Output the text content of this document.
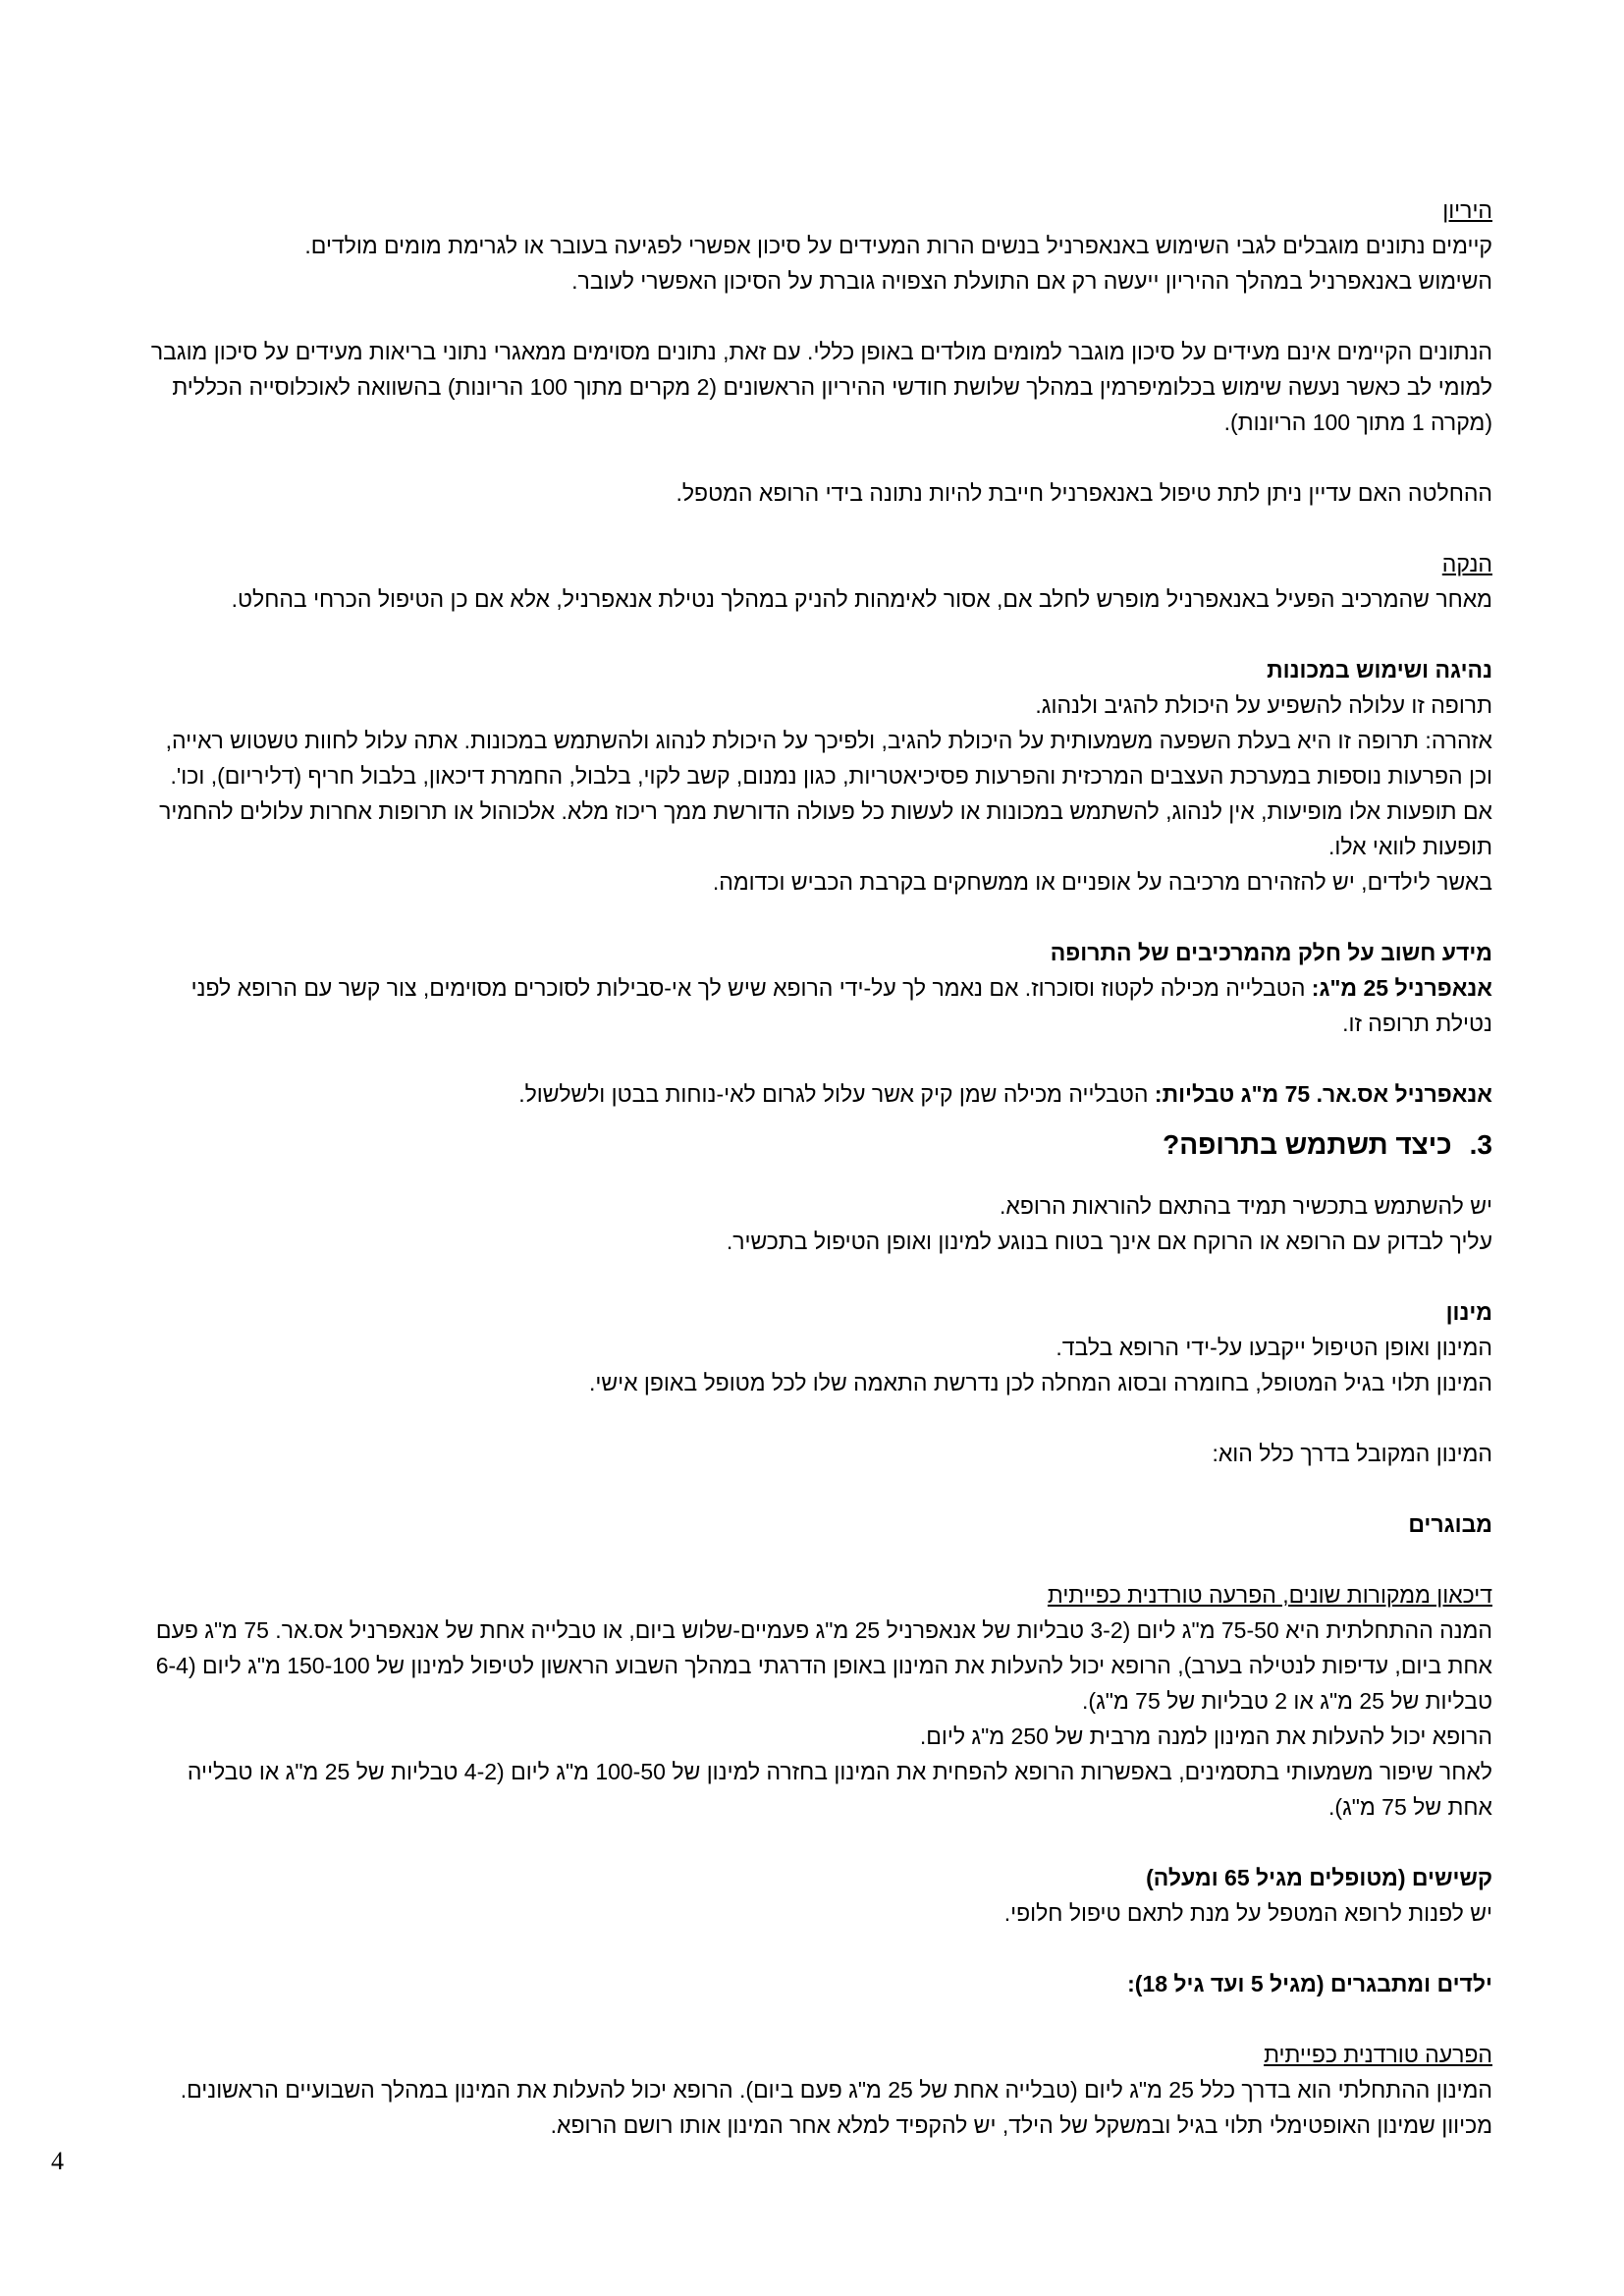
היריון
קיימים נתונים מוגבלים לגבי השימוש באנאפרניל בנשים הרות המעידים על סיכון אפשרי לפגיעה בעובר או לגרימת מומים מולדים.
השימוש באנאפרניל במהלך ההיריון ייעשה רק אם התועלת הצפויה גוברת על הסיכון האפשרי לעובר.
הנתונים הקיימים אינם מעידים על סיכון מוגבר למומים מולדים באופן כללי. עם זאת, נתונים מסוימים ממאגרי נתוני בריאות מעידים על סיכון מוגבר למומי לב כאשר נעשה שימוש בכלומיפרמין במהלך שלושת חודשי ההיריון הראשונים (2 מקרים מתוך 100 הריונות) בהשוואה לאוכלוסייה הכללית (מקרה 1 מתוך 100 הריונות).
ההחלטה האם עדיין ניתן לתת טיפול באנאפרניל חייבת להיות נתונה בידי הרופא המטפל.
הנקה
מאחר שהמרכיב הפעיל באנאפרניל מופרש לחלב אם, אסור לאימהות להניק במהלך נטילת אנאפרניל, אלא אם כן הטיפול הכרחי בהחלט.
נהיגה ושימוש במכונות
תרופה זו עלולה להשפיע על היכולת להגיב ולנהוג.
אזהרה: תרופה זו היא בעלת השפעה משמעותית על היכולת להגיב, ולפיכך על היכולת לנהוג ולהשתמש במכונות. אתה עלול לחוות טשטוש ראייה, וכן הפרעות נוספות במערכת העצבים המרכזית והפרעות פסיכיאטריות, כגון נמנום, קשב לקוי, בלבול, החמרת דיכאון, בלבול חריף (דליריום), וכו'. אם תופעות אלו מופיעות, אין לנהוג, להשתמש במכונות או לעשות כל פעולה הדורשת ממך ריכוז מלא. אלכוהול או תרופות אחרות עלולים להחמיר תופעות לוואי אלו.
באשר לילדים, יש להזהירם מרכיבה על אופניים או ממשחקים בקרבת הכביש וכדומה.
מידע חשוב על חלק מהמרכיבים של התרופה
אנאפרניל 25 מ"ג: הטבלייה מכילה לקטוז וסוכרוז. אם נאמר לך על-ידי הרופא שיש לך אי-סבילות לסוכרים מסוימים, צור קשר עם הרופא לפני נטילת תרופה זו.
אנאפרניל אס.אר. 75 מ"ג טבליות: הטבלייה מכילה שמן קיק אשר עלול לגרום לאי-נוחות בבטן ולשלשול.
3.כיצד תשתמש בתרופה?
יש להשתמש בתכשיר תמיד בהתאם להוראות הרופא.
עליך לבדוק עם הרופא או הרוקח אם אינך בטוח בנוגע למינון ואופן הטיפול בתכשיר.
מינון
המינון ואופן הטיפול ייקבעו על-ידי הרופא בלבד.
המינון תלוי בגיל המטופל, בחומרה ובסוג המחלה לכן נדרשת התאמה שלו לכל מטופל באופן אישי.
המינון המקובל בדרך כלל הוא:
מבוגרים
דיכאון ממקורות שונים, הפרעה טורדנית כפייתית
המנה ההתחלתית היא 75-50 מ"ג ליום (3-2 טבליות של אנאפרניל 25 מ"ג פעמיים-שלוש ביום, או טבלייה אחת של אנאפרניל אס.אר. 75 מ"ג פעם אחת ביום, עדיפות לנטילה בערב), הרופא יכול להעלות את המינון באופן הדרגתי במהלך השבוע הראשון לטיפול למינון של 150-100 מ"ג ליום (6-4 טבליות של 25 מ"ג או 2 טבליות של 75 מ"ג).
הרופא יכול להעלות את המינון למנה מרבית של 250 מ"ג ליום.
לאחר שיפור משמעותי בתסמינים, באפשרות הרופא להפחית את המינון בחזרה למינון של 100-50 מ"ג ליום (4-2 טבליות של 25 מ"ג או טבלייה אחת של 75 מ"ג).
קשישים (מטופלים מגיל 65 ומעלה)
יש לפנות לרופא המטפל על מנת לתאם טיפול חלופי.
ילדים ומתבגרים (מגיל 5 ועד גיל 18):
הפרעה טורדנית כפייתית
המינון ההתחלתי הוא בדרך כלל 25 מ"ג ליום (טבלייה אחת של 25 מ"ג פעם ביום). הרופא יכול להעלות את המינון במהלך השבועיים הראשונים. מכיוון שמינון האופטימלי תלוי בגיל ובמשקל של הילד, יש להקפיד למלא אחר המינון אותו רושם הרופא.
4
